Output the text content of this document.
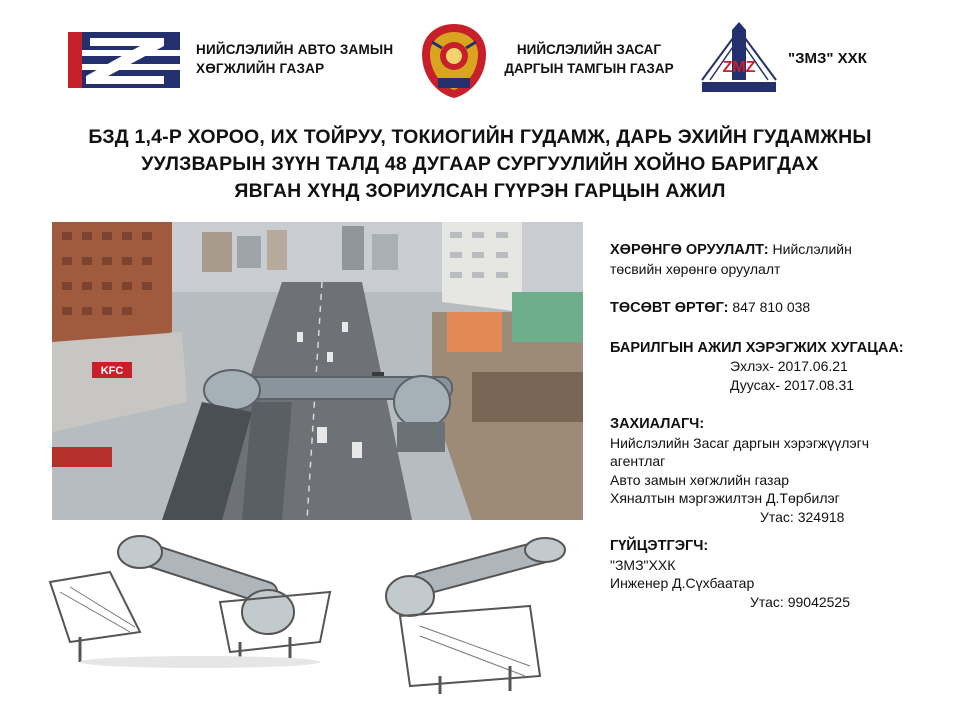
НИЙСЛЭЛИЙН АВТО ЗАМЫН
ХӨГЖЛИЙН ГАЗАР
НИЙСЛЭЛИЙН ЗАСАГ
ДАРГЫН ТАМГЫН ГАЗАР	ZMZ
"ЗМЗ" ХХК
БЗД 1,4-Р ХОРОО, ИХ ТОЙРУУ, ТОКИОГИЙН ГУДАМЖ, ДАРЬ ЭХИЙН ГУДАМЖНЫ
УУЛЗВАРЫН ЗҮҮН ТАЛД 48 ДУГААР СУРГУУЛИЙН ХОЙНО БАРИГДАХ
ЯВГАН ХҮНД ЗОРИУЛСАН ГҮҮРЭН ГАРЦЫН АЖИЛ
KFC
ХӨРӨНГӨ ОРУУЛАЛТ: Нийслэлийн
төсвийн хөрөнгө оруулалт
ТӨСӨВТ ӨРТӨГ: 847 810 038
БАРИЛГЫН АЖИЛ ХЭРЭГЖИХ ХУГАЦАА:
Эхлэх- 2017.06.21
Дуусах- 2017.08.31
ЗАХИАЛАГЧ:
Нийслэлийн Засаг даргын хэрэгжүүлэгч
агентлаг
Авто замын хөгжлийн газар
Хяналтын мэргэжилтэн Д.Төрбилэг
Утас: 324918
ГҮЙЦЭТГЭГЧ:
"ЗМЗ"ХХК
Инженер Д.Сүхбаатар
Утас: 99042525
